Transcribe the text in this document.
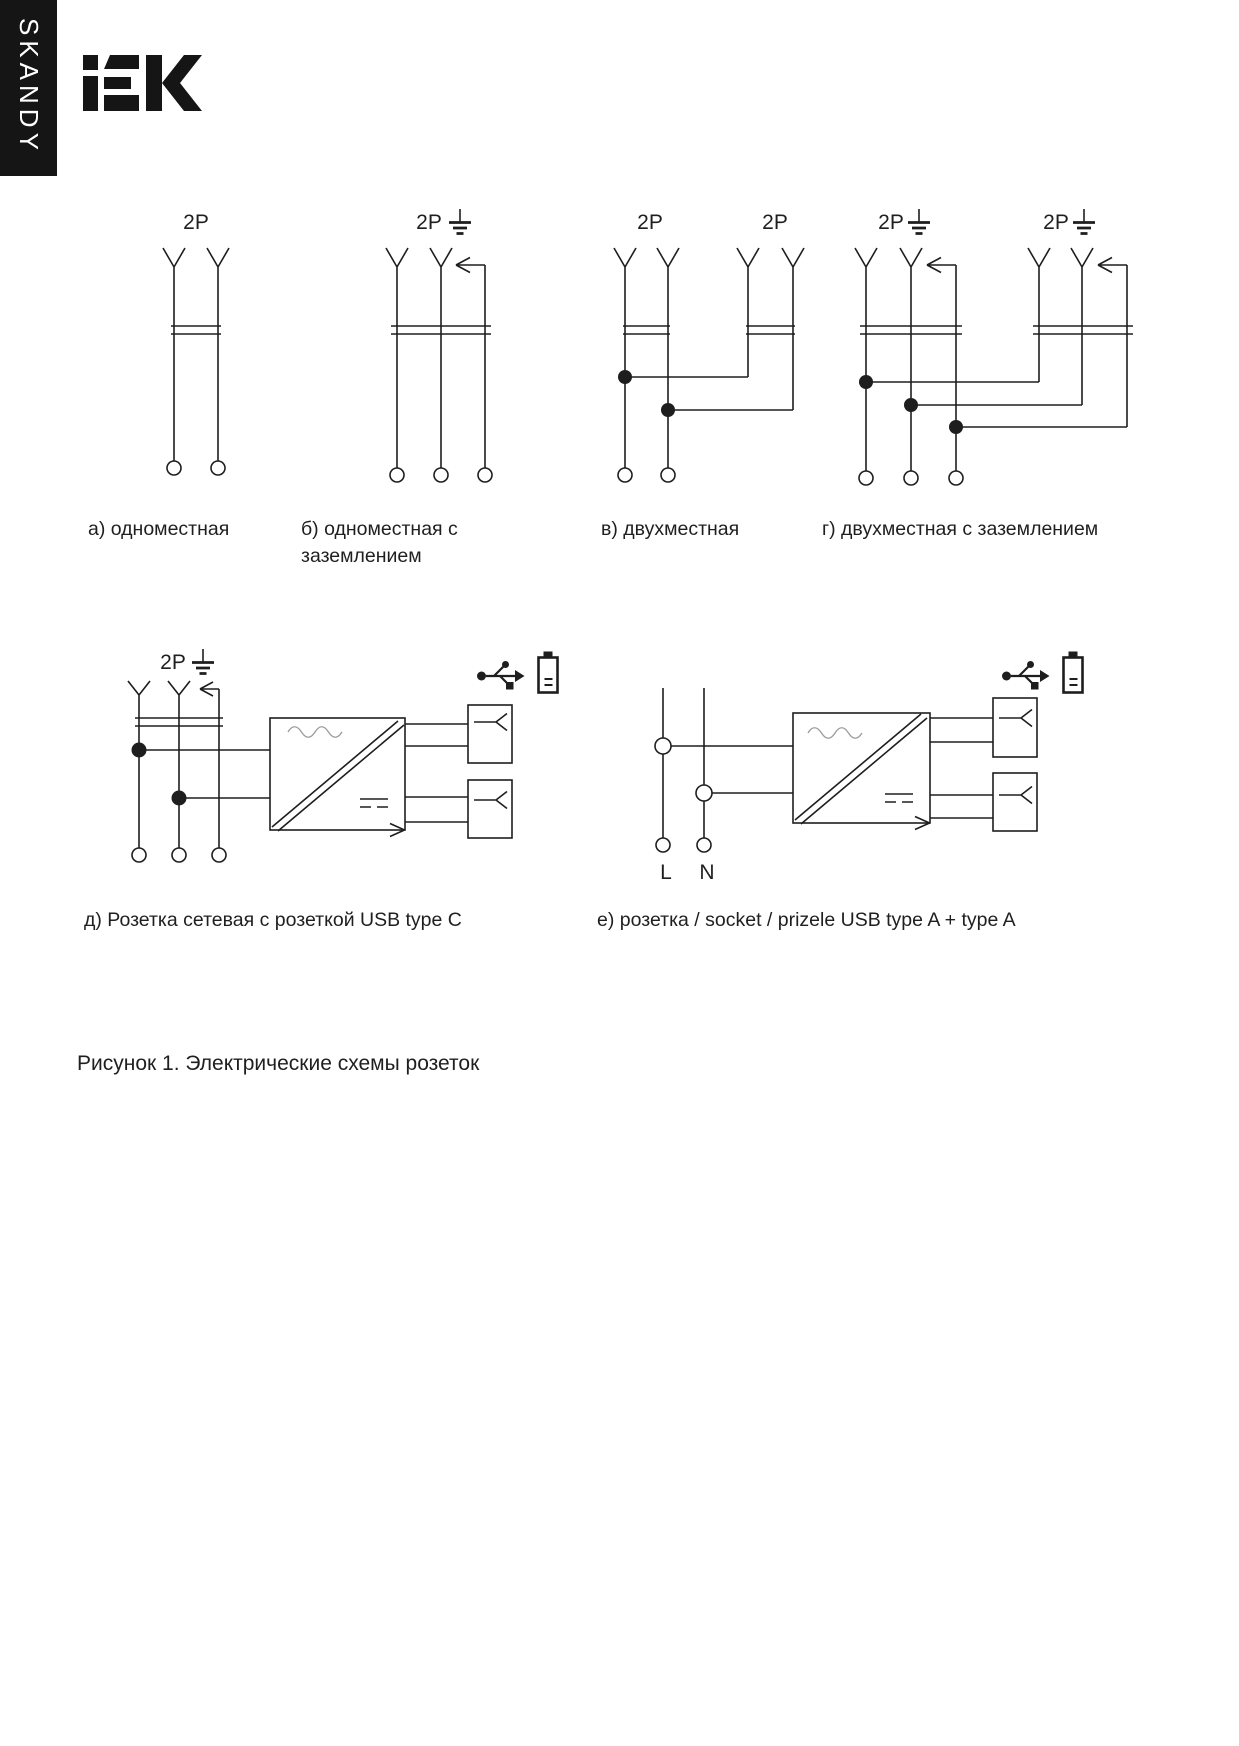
SKANDY
2P	2P	2P	2P	2P	2P
2P
L N
а) одноместная	б) одноместная с
заземлением
в) двухместная	г) двухместная с заземлением
д) Розетка сетевая с розеткой USB type C	е) розетка / socket / prizele USB type A + type A
Рисунок 1. Электрические схемы розеток
